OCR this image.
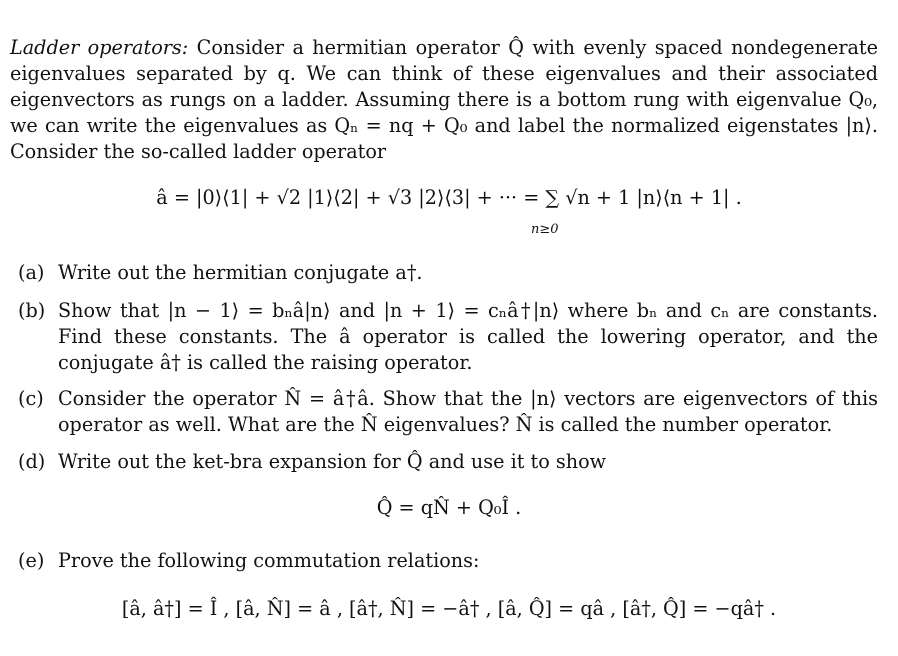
Ladder operators: Consider a hermitian operator Q̂ with evenly spaced nondegenerate eigenvalues separated by q. We can think of these eigenvalues and their associated eigenvectors as rungs on a ladder. Assuming there is a bottom rung with eigenvalue Q₀, we can write the eigenvalues as Qₙ = nq + Q₀ and label the normalized eigenstates |n⟩. Consider the so-called ladder operator
â = |0⟩⟨1| + √2 |1⟩⟨2| + √3 |2⟩⟨3| + ··· = ∑ √n + 1 |n⟩⟨n + 1| .
n≥0
(a) Write out the hermitian conjugate a†.
(b) Show that |n − 1⟩ = bₙâ|n⟩ and |n + 1⟩ = cₙâ†|n⟩ where bₙ and cₙ are constants. Find these constants. The â operator is called the lowering operator, and the conjugate â† is called the raising operator.
(c) Consider the operator N̂ = â†â. Show that the |n⟩ vectors are eigenvectors of this operator as well. What are the N̂ eigenvalues? N̂ is called the number operator.
(d) Write out the ket-bra expansion for Q̂ and use it to show
Q̂ = qN̂ + Q₀Î .
(e) Prove the following commutation relations:
[â, â†] = Î , [â, N̂] = â , [â†, N̂] = −â† , [â, Q̂] = qâ , [â†, Q̂] = −qâ† .
